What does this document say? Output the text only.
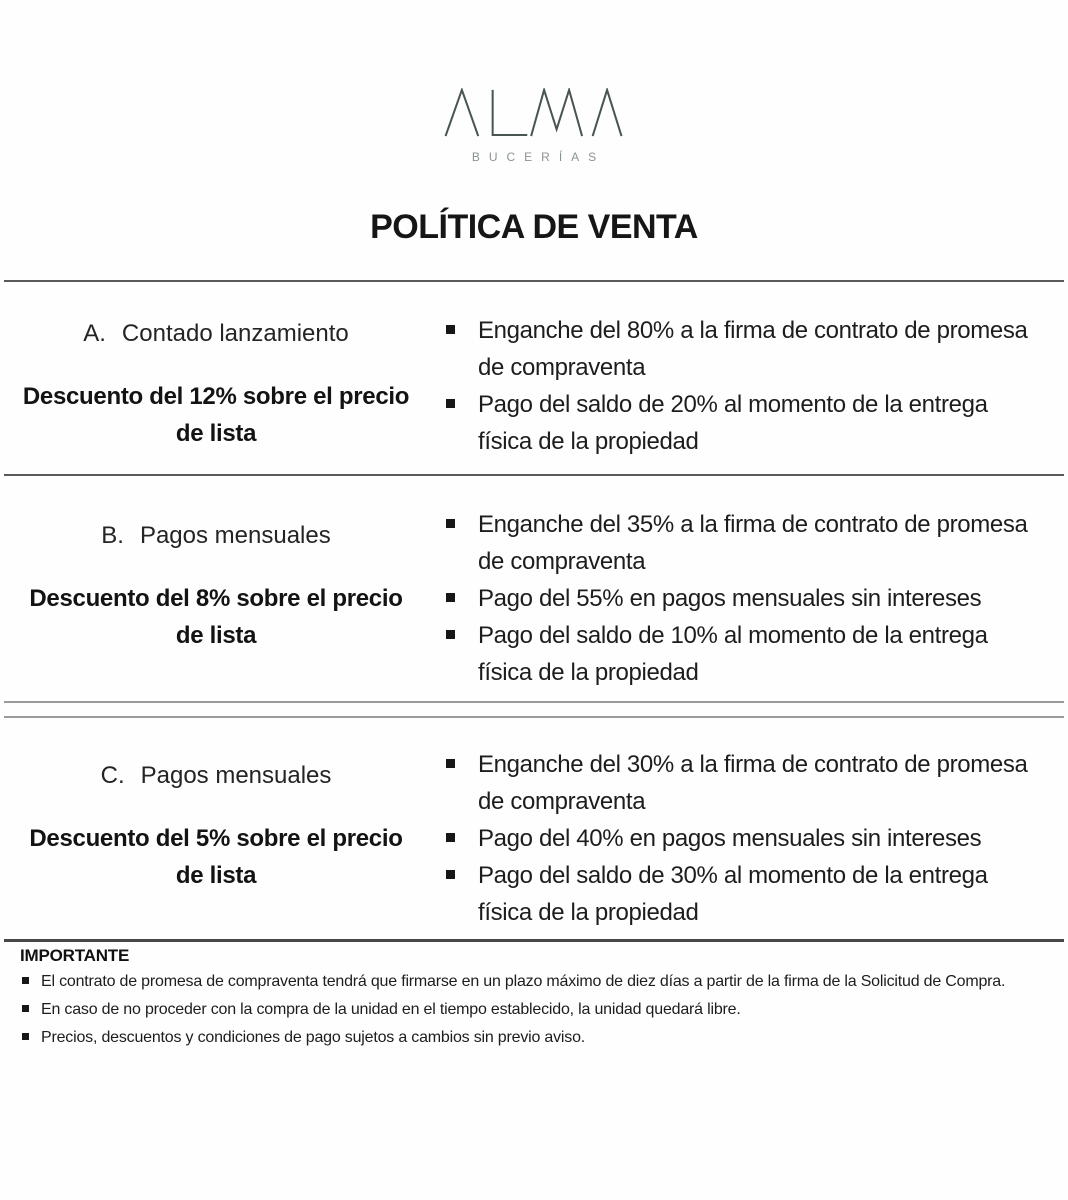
BUCERÍAS
POLÍTICA DE VENTA
A. Contado lanzamiento
Descuento del 12% sobre el precio
de lista
Enganche del 80% a la firma de contrato de promesa de compraventa
Pago del saldo de 20% al momento de la entrega física de la propiedad
B. Pagos mensuales
Descuento del 8% sobre el precio
de lista
Enganche del 35% a la firma de contrato de promesa de compraventa
Pago del 55% en pagos mensuales sin intereses
Pago del saldo de 10% al momento de la entrega física de la propiedad
C. Pagos mensuales
Descuento del 5% sobre el precio
de lista
Enganche del 30% a la firma de contrato de promesa de compraventa
Pago del 40% en pagos mensuales sin intereses
Pago del saldo de 30% al momento de la entrega física de la propiedad
IMPORTANTE
El contrato de promesa de compraventa tendrá que firmarse en un plazo máximo de diez días a partir de la firma de la Solicitud de Compra.
En caso de no proceder con la compra de la unidad en el tiempo establecido, la unidad quedará libre.
Precios, descuentos y condiciones de pago sujetos a cambios sin previo aviso.
